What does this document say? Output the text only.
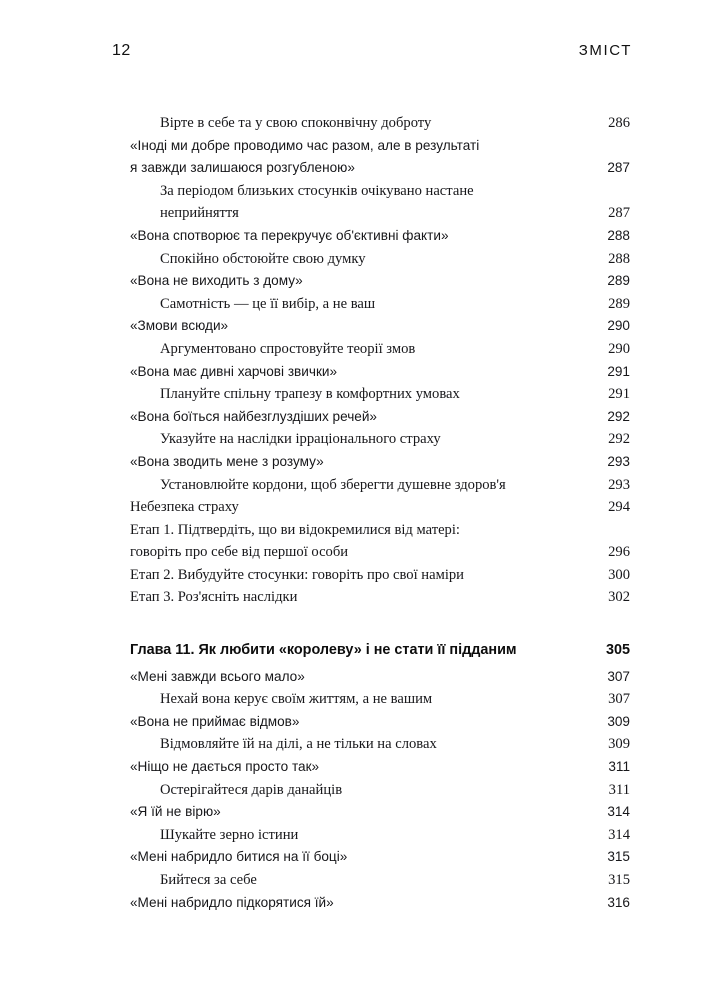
12	ЗМІСТ
Вірте в себе та у свою споконвічну доброту	286
«Іноді ми добре проводимо час разом, але в результаті
я завжди залишаюся розгубленою»	287
За періодом близьких стосунків очікувано настане
неприйняття	287
«Вона спотворює та перекручує об'єктивні факти»	288
Спокійно обстоюйте свою думку	288
«Вона не виходить з дому»	289
Самотність — це її вибір, а не ваш	289
«Змови всюди»	290
Аргументовано спростовуйте теорії змов	290
«Вона має дивні харчові звички»	291
Плануйте спільну трапезу в комфортних умовах	291
«Вона боїться найбезглуздіших речей»	292
Указуйте на наслідки ірраціонального страху	292
«Вона зводить мене з розуму»	293
Установлюйте кордони, щоб зберегти душевне здоров'я	293
Небезпека страху	294
Етап 1. Підтвердіть, що ви відокремилися від матері:
говоріть про себе від першої особи	296
Етап 2. Вибудуйте стосунки: говоріть про свої наміри	300
Етап 3. Роз'ясніть наслідки	302
Глава 11. Як любити «королеву» і не стати її підданим	305
«Мені завжди всього мало»	307
Нехай вона керує своїм життям, а не вашим	307
«Вона не приймає відмов»	309
Відмовляйте їй на ділі, а не тільки на словах	309
«Ніщо не дається просто так»	311
Остерігайтеся дарів данайців	311
«Я їй не вірю»	314
Шукайте зерно істини	314
«Мені набридло битися на її боці»	315
Бийтеся за себе	315
«Мені набридло підкорятися їй»	316
